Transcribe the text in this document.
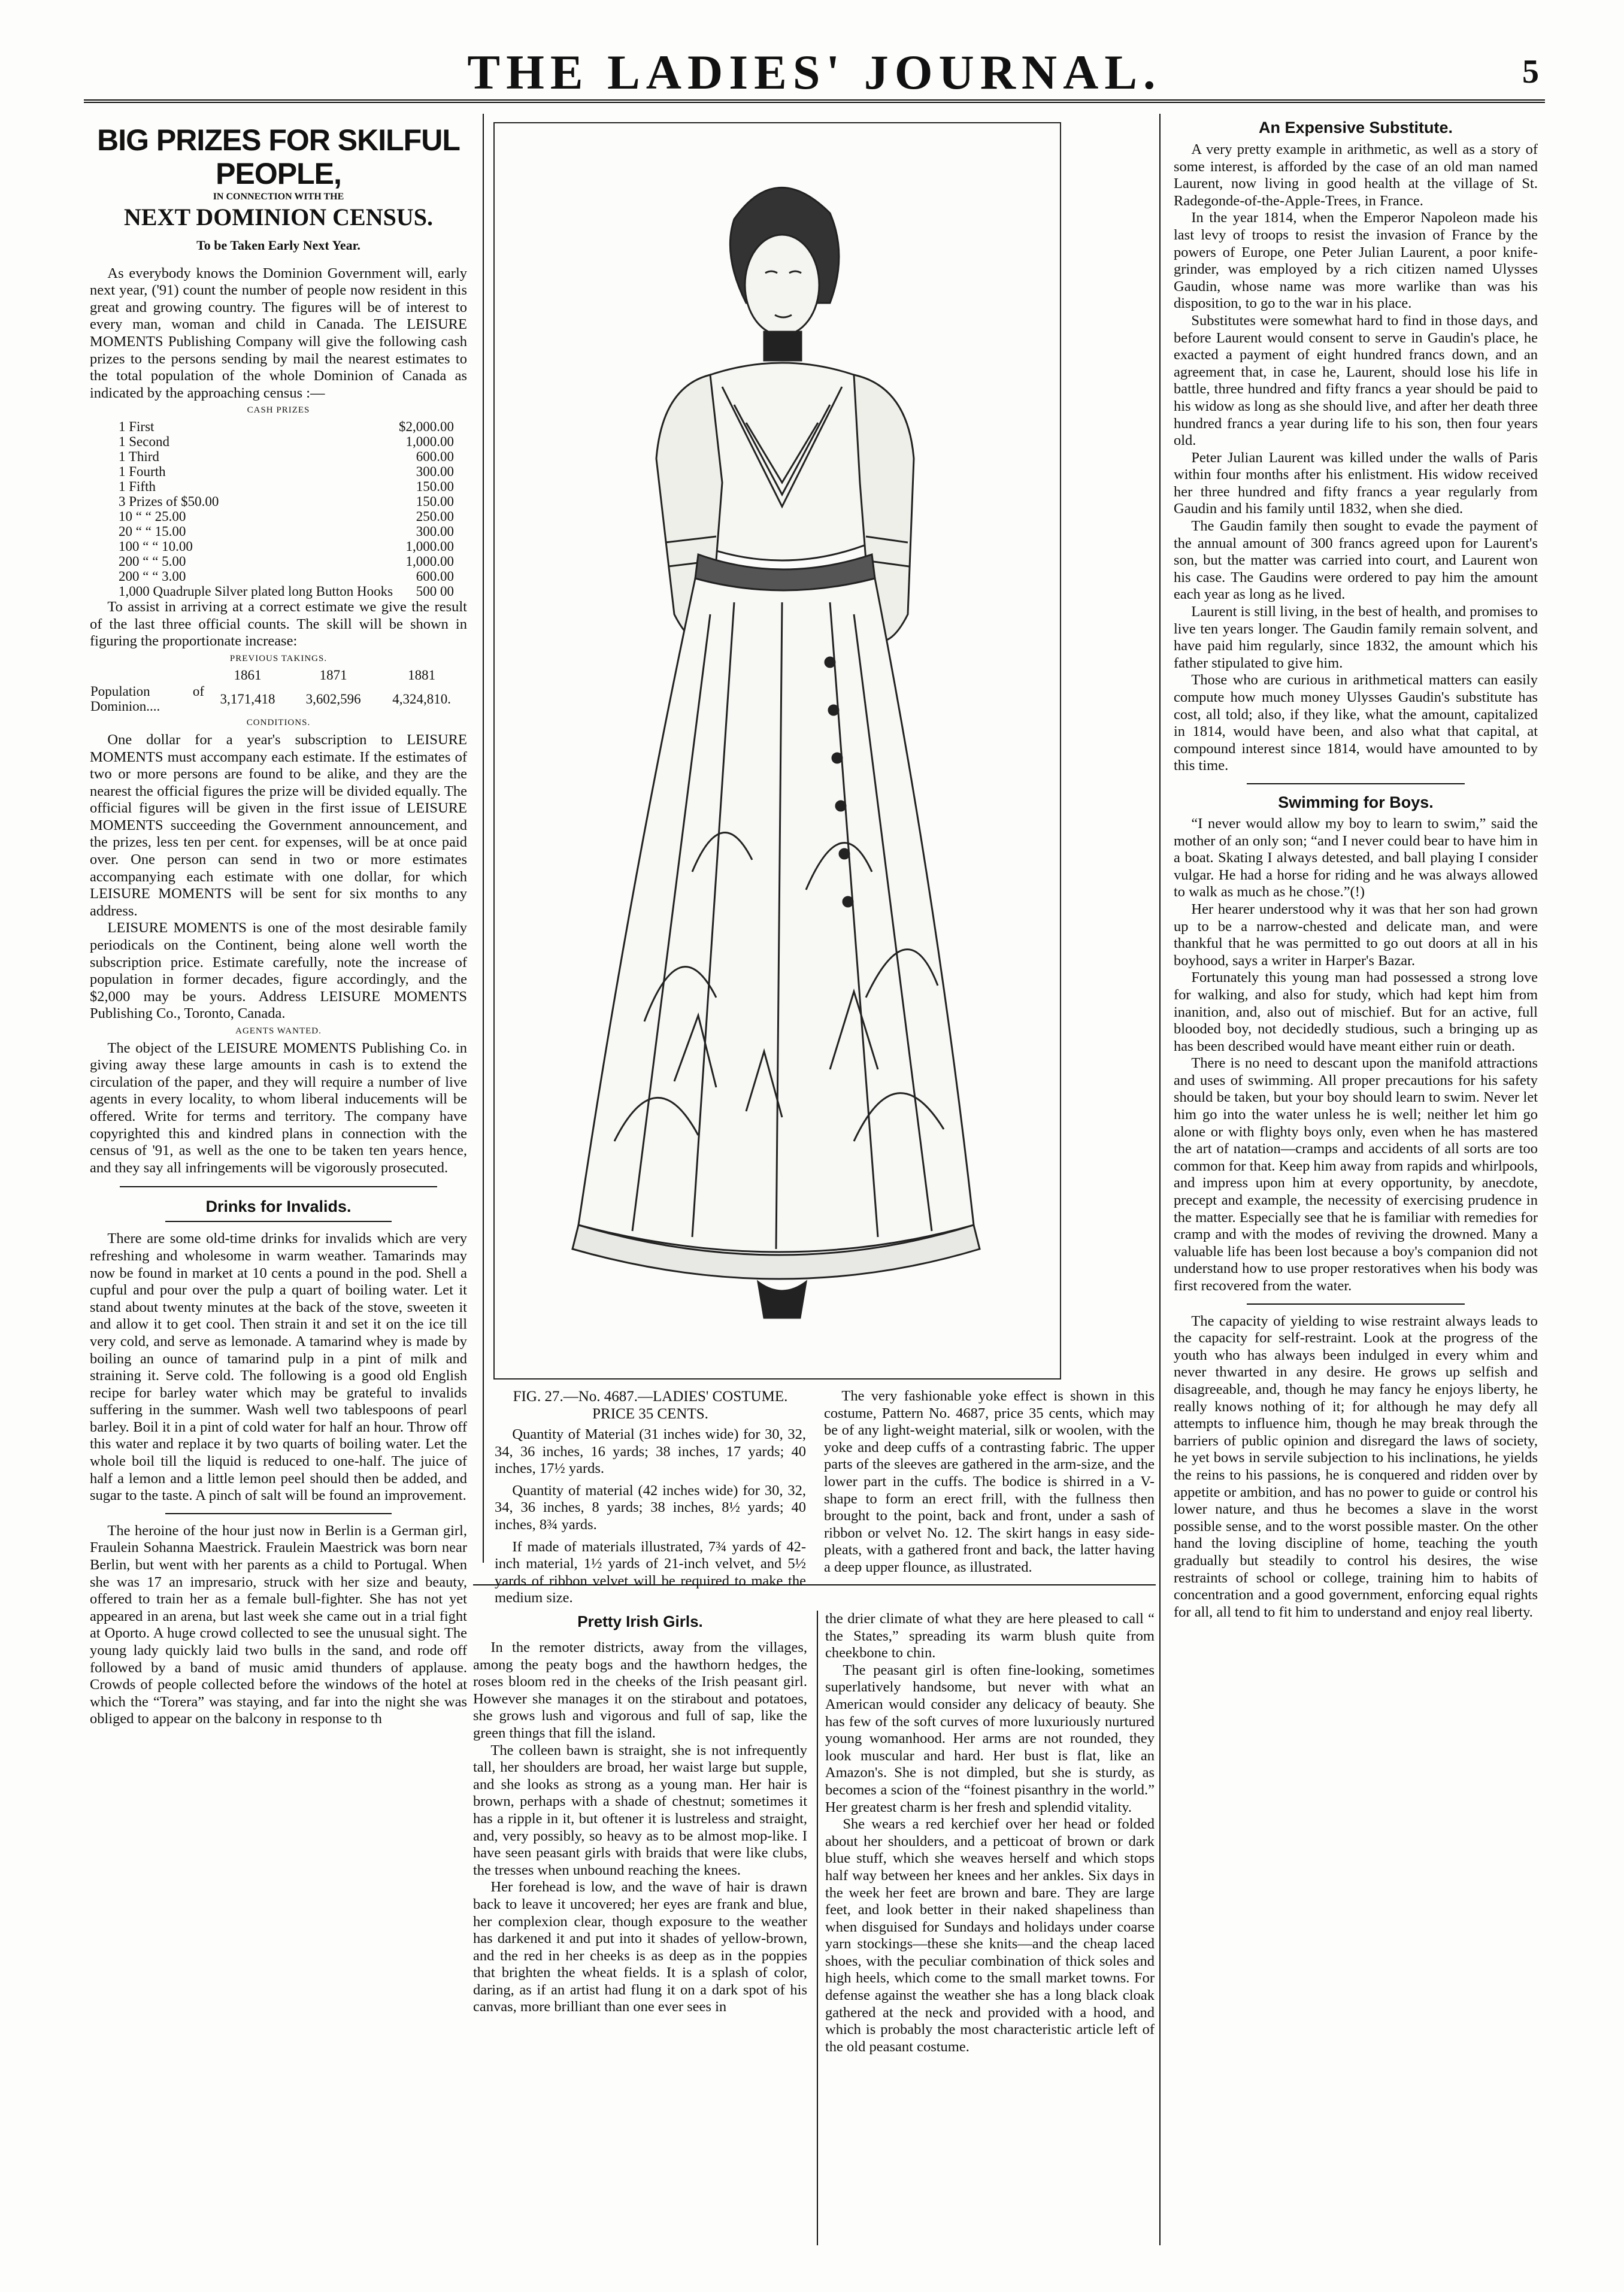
THE LADIES' JOURNAL.	5
BIG PRIZES FOR SKILFUL PEOPLE,
IN CONNECTION WITH THE
NEXT DOMINION CENSUS.
To be Taken Early Next Year.

As everybody knows the Dominion Government will, early next year, ('91) count the number of people now resident in this great and growing country. The figures will be of interest to every man, woman and child in Canada. The LEISURE MOMENTS Publishing Company will give the following cash prizes to the persons sending by mail the nearest estimates to the total population of the whole Dominion of Canada as indicated by the approaching census :—

CASH PRIZES
1 First	$2,000.00
1 Second	1,000.00
1 Third	600.00
1 Fourth	300.00
1 Fifth	150.00
3 Prizes of $50.00	150.00
10 “ “ 25.00	250.00
20 “ “ 15.00	300.00
100 “ “ 10.00	1,000.00
200 “ “ 5.00	1,000.00
200 “ “ 3.00	600.00
1,000 Quadruple Silver plated long Button Hooks	500 00

To assist in arriving at a correct estimate we give the result of the last three official counts. The skill will be shown in figuring the proportionate increase:

PREVIOUS TAKINGS.
	1861	1871	1881
Population of Dominion....	3,171,418	3,602,596	4,324,810.
CONDITIONS.

One dollar for a year's subscription to LEISURE MOMENTS must accompany each estimate. If the estimates of two or more persons are found to be alike, and they are the nearest the official figures the prize will be divided equally. The official figures will be given in the first issue of LEISURE MOMENTS succeeding the Government announcement, and the prizes, less ten per cent. for expenses, will be at once paid over. One person can send in two or more estimates accompanying each estimate with one dollar, for which LEISURE MOMENTS will be sent for six months to any address.

LEISURE MOMENTS is one of the most desirable family periodicals on the Continent, being alone well worth the subscription price. Estimate carefully, note the increase of population in former decades, figure accordingly, and the $2,000 may be yours. Address LEISURE MOMENTS Publishing Co., Toronto, Canada.

AGENTS WANTED.

The object of the LEISURE MOMENTS Publishing Co. in giving away these large amounts in cash is to extend the circulation of the paper, and they will require a number of live agents in every locality, to whom liberal inducements will be offered. Write for terms and territory. The company have copyrighted this and kindred plans in connection with the census of '91, as well as the one to be taken ten years hence, and they say all infringements will be vigorously prosecuted.

Drinks for Invalids.

There are some old-time drinks for invalids which are very refreshing and wholesome in warm weather. Tamarinds may now be found in market at 10 cents a pound in the pod. Shell a cupful and pour over the pulp a quart of boiling water. Let it stand about twenty minutes at the back of the stove, sweeten it and allow it to get cool. Then strain it and set it on the ice till very cold, and serve as lemonade. A tamarind whey is made by boiling an ounce of tamarind pulp in a pint of milk and straining it. Serve cold. The following is a good old English recipe for barley water which may be grateful to invalids suffering in the summer. Wash well two tablespoons of pearl barley. Boil it in a pint of cold water for half an hour. Throw off this water and replace it by two quarts of boiling water. Let the whole boil till the liquid is reduced to one-half. The juice of half a lemon and a little lemon peel should then be added, and sugar to the taste. A pinch of salt will be found an improvement.

The heroine of the hour just now in Berlin is a German girl, Fraulein Sohanna Maestrick. Fraulein Maestrick was born near Berlin, but went with her parents as a child to Portugal. When she was 17 an impresario, struck with her size and beauty, offered to train her as a female bull-fighter. She has not yet appeared in an arena, but last week she came out in a trial fight at Oporto. A huge crowd collected to see the unusual sight. The young lady quickly laid two bulls in the sand, and rode off followed by a band of music amid thunders of applause. Crowds of people collected before the windows of the hotel at which the “Torera” was staying, and far into the night she was obliged to appear on the balcony in response to th

FIG. 27.—No. 4687.—LADIES' COSTUME.
PRICE 35 CENTS.

Quantity of Material (31 inches wide) for 30, 32, 34, 36 inches, 16 yards; 38 inches, 17 yards; 40 inches, 17½ yards.

Quantity of material (42 inches wide) for 30, 32, 34, 36 inches, 8 yards; 38 inches, 8½ yards; 40 inches, 8¾ yards.

If made of materials illustrated, 7¾ yards of 42-inch material, 1½ yards of 21-inch velvet, and 5½ yards of ribbon velvet will be required to make the medium size.

The very fashionable yoke effect is shown in this costume, Pattern No. 4687, price 35 cents, which may be of any light-weight material, silk or woolen, with the yoke and deep cuffs of a contrasting fabric. The upper parts of the sleeves are gathered in the arm-size, and the lower part in the cuffs. The bodice is shirred in a V-shape to form an erect frill, with the fullness then brought to the point, back and front, under a sash of ribbon or velvet No. 12. The skirt hangs in easy side-pleats, with a gathered front and back, the latter having a deep upper flounce, as illustrated.

Pretty Irish Girls.

In the remoter districts, away from the villages, among the peaty bogs and the hawthorn hedges, the roses bloom red in the cheeks of the Irish peasant girl. However she manages it on the stirabout and potatoes, she grows lush and vigorous and full of sap, like the green things that fill the island.

The colleen bawn is straight, she is not infrequently tall, her shoulders are broad, her waist large but supple, and she looks as strong as a young man. Her hair is brown, perhaps with a shade of chestnut; sometimes it has a ripple in it, but oftener it is lustreless and straight, and, very possibly, so heavy as to be almost mop-like. I have seen peasant girls with braids that were like clubs, the tresses when unbound reaching the knees.

Her forehead is low, and the wave of hair is drawn back to leave it uncovered; her eyes are frank and blue, her complexion clear, though exposure to the weather has darkened it and put into it shades of yellow-brown, and the red in her cheeks is as deep as in the poppies that brighten the wheat fields. It is a splash of color, daring, as if an artist had flung it on a dark spot of his canvas, more brilliant than one ever sees in

the drier climate of what they are here pleased to call “ the States,” spreading its warm blush quite from cheekbone to chin.

The peasant girl is often fine-looking, sometimes superlatively handsome, but never with what an American would consider any delicacy of beauty. She has few of the soft curves of more luxuriously nurtured young womanhood. Her arms are not rounded, they look muscular and hard. Her bust is flat, like an Amazon's. She is not dimpled, but she is sturdy, as becomes a scion of the “foinest pisanthry in the world.” Her greatest charm is her fresh and splendid vitality.

She wears a red kerchief over her head or folded about her shoulders, and a petticoat of brown or dark blue stuff, which she weaves herself and which stops half way between her knees and her ankles. Six days in the week her feet are brown and bare. They are large feet, and look better in their naked shapeliness than when disguised for Sundays and holidays under coarse yarn stockings—these she knits—and the cheap laced shoes, with the peculiar combination of thick soles and high heels, which come to the small market towns. For defense against the weather she has a long black cloak gathered at the neck and provided with a hood, and which is probably the most characteristic article left of the old peasant costume.

An Expensive Substitute.

A very pretty example in arithmetic, as well as a story of some interest, is afforded by the case of an old man named Laurent, now living in good health at the village of St. Radegonde-of-the-Apple-Trees, in France.

In the year 1814, when the Emperor Napoleon made his last levy of troops to resist the invasion of France by the powers of Europe, one Peter Julian Laurent, a poor knife-grinder, was employed by a rich citizen named Ulysses Gaudin, whose name was more warlike than was his disposition, to go to the war in his place.

Substitutes were somewhat hard to find in those days, and before Laurent would consent to serve in Gaudin's place, he exacted a payment of eight hundred francs down, and an agreement that, in case he, Laurent, should lose his life in battle, three hundred and fifty francs a year should be paid to his widow as long as she should live, and after her death three hundred francs a year during life to his son, then four years old.

Peter Julian Laurent was killed under the walls of Paris within four months after his enlistment. His widow received her three hundred and fifty francs a year regularly from Gaudin and his family until 1832, when she died.

The Gaudin family then sought to evade the payment of the annual amount of 300 francs agreed upon for Laurent's son, but the matter was carried into court, and Laurent won his case. The Gaudins were ordered to pay him the amount each year as long as he lived.

Laurent is still living, in the best of health, and promises to live ten years longer. The Gaudin family remain solvent, and have paid him regularly, since 1832, the amount which his father stipulated to give him.

Those who are curious in arithmetical matters can easily compute how much money Ulysses Gaudin's substitute has cost, all told; also, if they like, what the amount, capitalized in 1814, would have been, and also what that capital, at compound interest since 1814, would have amounted to by this time.

Swimming for Boys.

“I never would allow my boy to learn to swim,” said the mother of an only son; “and I never could bear to have him in a boat. Skating I always detested, and ball playing I consider vulgar. He had a horse for riding and he was always allowed to walk as much as he chose.”(!)

Her hearer understood why it was that her son had grown up to be a narrow-chested and delicate man, and were thankful that he was permitted to go out doors at all in his boyhood, says a writer in Harper's Bazar.

Fortunately this young man had possessed a strong love for walking, and also for study, which had kept him from inanition, and, also out of mischief. But for an active, full blooded boy, not decidedly studious, such a bringing up as has been described would have meant either ruin or death.

There is no need to descant upon the manifold attractions and uses of swimming. All proper precautions for his safety should be taken, but your boy should learn to swim. Never let him go into the water unless he is well; neither let him go alone or with flighty boys only, even when he has mastered the art of natation—cramps and accidents of all sorts are too common for that. Keep him away from rapids and whirlpools, and impress upon him at every opportunity, by anecdote, precept and example, the necessity of exercising prudence in the matter. Especially see that he is familiar with remedies for cramp and with the modes of reviving the drowned. Many a valuable life has been lost because a boy's companion did not understand how to use proper restoratives when his body was first recovered from the water.

The capacity of yielding to wise restraint always leads to the capacity for self-restraint. Look at the progress of the youth who has always been indulged in every whim and never thwarted in any desire. He grows up selfish and disagreeable, and, though he may fancy he enjoys liberty, he really knows nothing of it; for although he may defy all attempts to influence him, though he may break through the barriers of public opinion and disregard the laws of society, he yet bows in servile subjection to his inclinations, he yields the reins to his passions, he is conquered and ridden over by appetite or ambition, and has no power to guide or control his lower nature, and thus he becomes a slave in the worst possible sense, and to the worst possible master. On the other hand the loving discipline of home, teaching the youth gradually but steadily to control his desires, the wise restraints of school or college, training him to habits of concentration and a good government, enforcing equal rights for all, all tend to fit him to understand and enjoy real liberty.
